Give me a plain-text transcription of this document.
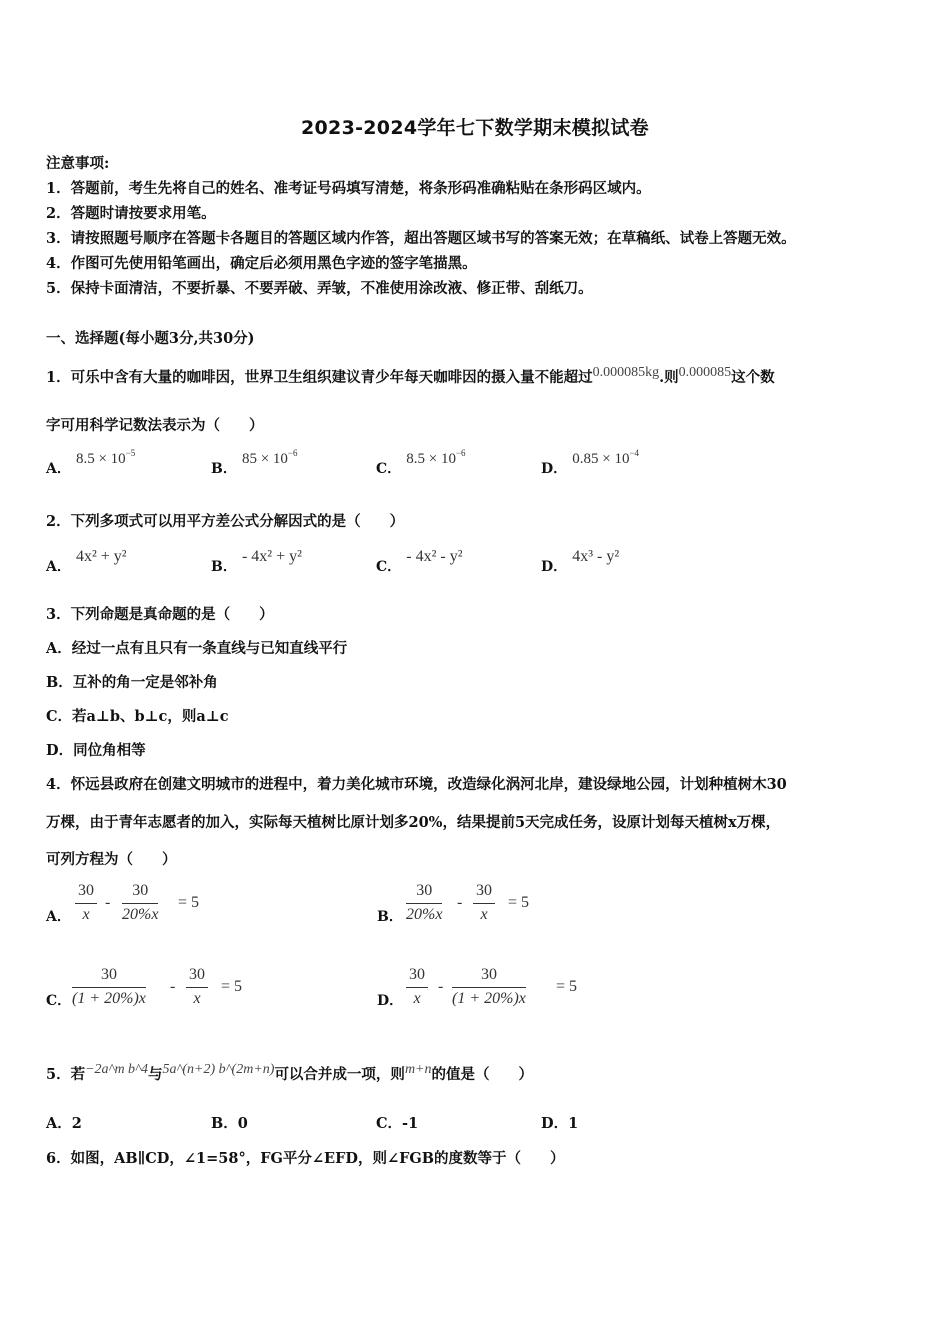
2023-2024学年七下数学期末模拟试卷
注意事项:
1．答题前，考生先将自己的姓名、准考证号码填写清楚，将条形码准确粘贴在条形码区域内。
2．答题时请按要求用笔。
3．请按照题号顺序在答题卡各题目的答题区域内作答，超出答题区域书写的答案无效；在草稿纸、试卷上答题无效。
4．作图可先使用铅笔画出，确定后必须用黑色字迹的签字笔描黑。
5．保持卡面清洁，不要折暴、不要弄破、弄皱，不准使用涂改液、修正带、刮纸刀。
一、选择题(每小题3分,共30分)
1．可乐中含有大量的咖啡因，世界卫生组织建议青少年每天咖啡因的摄入量不能超过0.000085kg.则0.000085这个数
字可用科学记数法表示为（　　）
A． $8.5 \times 10^{-5}$
B． $85 \times 10^{-6}$
C． $8.5 \times 10^{-6}$
D． $0.85 \times 10^{-4}$
2．下列多项式可以用平方差公式分解因式的是（　　）
A． 4x² + y²
B． - 4x² + y²
C． - 4x² - y²
D． 4x³ - y²
3．下列命题是真命题的是（　　）
A．经过一点有且只有一条直线与已知直线平行
B．互补的角一定是邻补角
C．若a⊥b、b⊥c，则a⊥c
D．同位角相等
4．怀远县政府在创建文明城市的进程中，着力美化城市环境，改造绿化涡河北岸，建设绿地公园，计划种植树木30
万棵，由于青年志愿者的加入，实际每天植树比原计划多20%，结果提前5天完成任务，设原计划每天植树x万棵，
可列方程为（　　）
A． $\frac{30}{x} - \frac{30}{20\%x} = 5$
B． $\frac{30}{20\%x} - \frac{30}{x} = 5$
C． $\frac{30}{(1 + 20\%)x} - \frac{30}{x} = 5$
D． $\frac{30}{x} - \frac{30}{(1 + 20\%)x} = 5$
5．若−2a^m b^4与5a^(n+2) b^(2m+n)可以合并成一项，则m+n的值是（　　）
A．2	B．0	C．-1	D．1
6．如图，AB∥CD，∠1=58°，FG平分∠EFD，则∠FGB的度数等于（　　）
